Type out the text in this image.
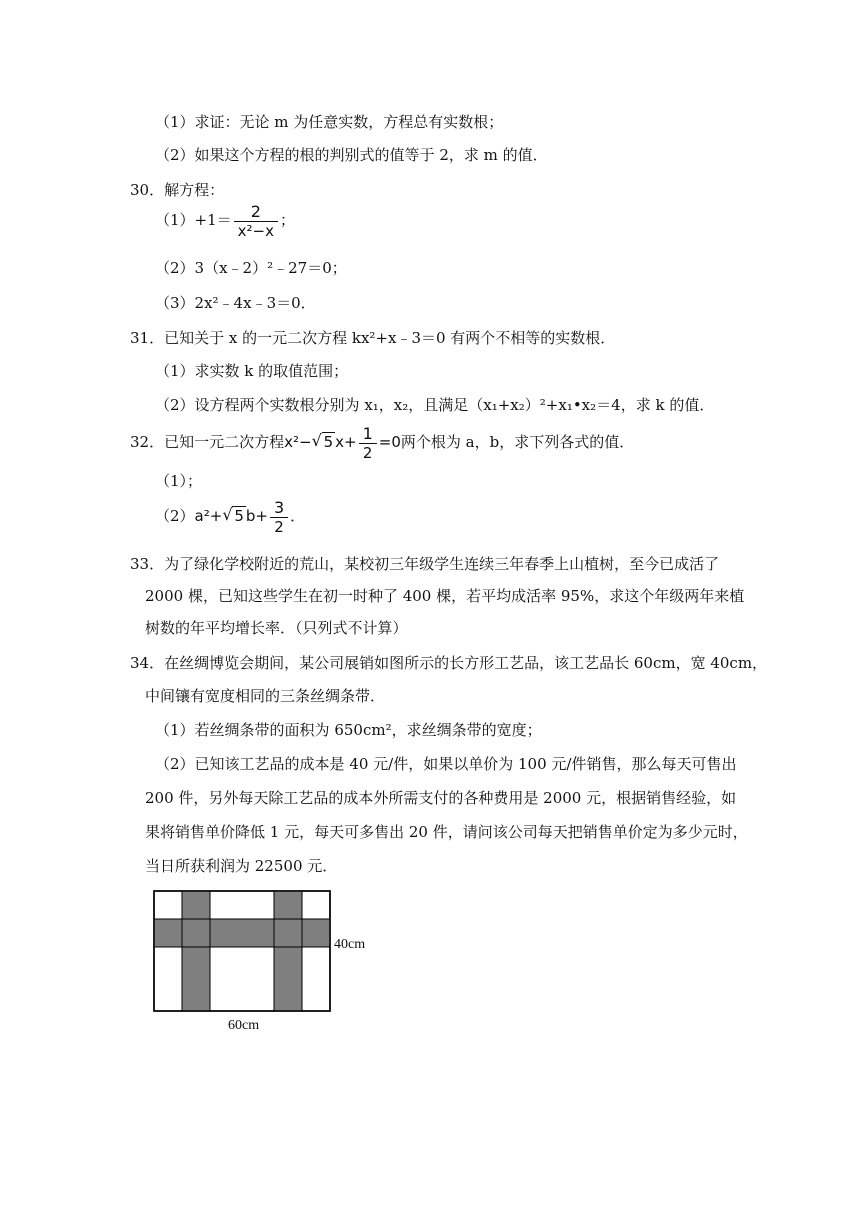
（1）求证：无论 m 为任意实数，方程总有实数根；
（2）如果这个方程的根的判别式的值等于 2，求 m 的值．
30．解方程：
$(1)+1= \frac{2}{\text{x²−x}}$ ；
（2）3（x﹣2）²﹣27＝0；
（3）2x²﹣4x﹣3＝0．
31．已知关于 x 的一元二次方程 kx²+x﹣3＝0 有两个不相等的实数根．
（1）求实数 k 的取值范围；
（2）设方程两个实数根分别为 x₁，x₂，且满足（x₁+x₂）²+x₁•x₂＝4，求 k 的值．
32．已知一元二次方程x²− √ 5 $x+ \frac{1}{2} =0$两个根为 a，b，求下列各式的值．
（1）；
（2）a²+ √ 5 $b+ \frac{3}{2}$ ．
33．为了绿化学校附近的荒山，某校初三年级学生连续三年春季上山植树，至今已成活了
2000 棵，已知这些学生在初一时种了 400 棵，若平均成活率 95%，求这个年级两年来植
树数的年平均增长率．（只列式不计算）
34．在丝绸博览会期间，某公司展销如图所示的长方形工艺品，该工艺品长 60cm，宽 40cm，
中间镶有宽度相同的三条丝绸条带．
（1）若丝绸条带的面积为 650cm²，求丝绸条带的宽度；
（2）已知该工艺品的成本是 40 元/件，如果以单价为 100 元/件销售，那么每天可售出
200 件，另外每天除工艺品的成本外所需支付的各种费用是 2000 元，根据销售经验，如
果将销售单价降低 1 元，每天可多售出 20 件，请问该公司每天把销售单价定为多少元时，
当日所获利润为 22500 元．
40cm
60cm
